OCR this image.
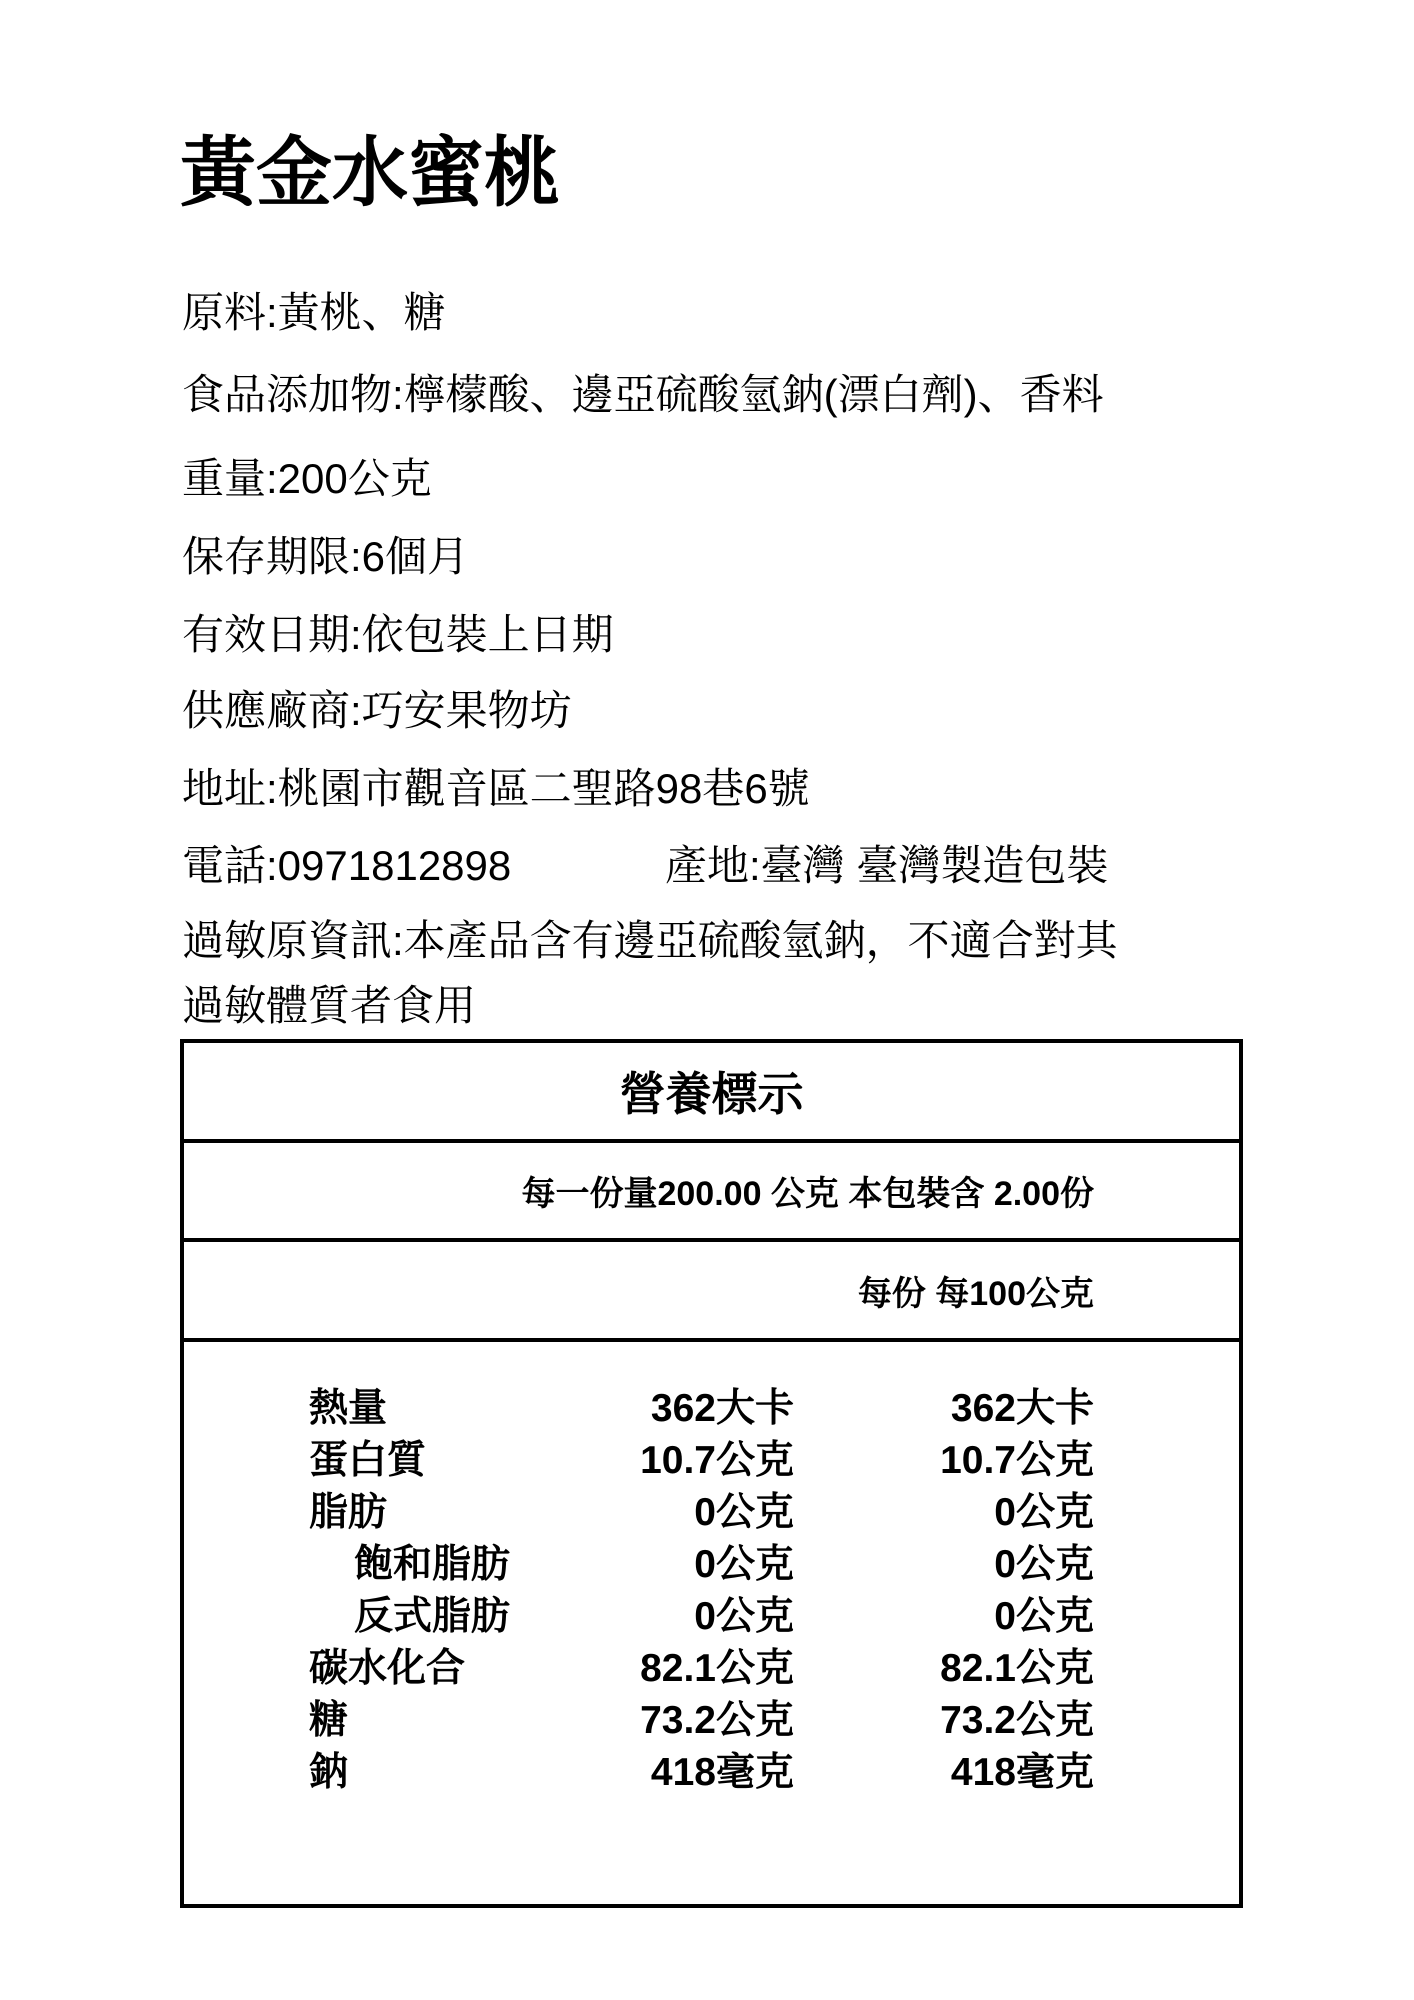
黃金水蜜桃
原料:黃桃、糖
食品添加物:檸檬酸、邊亞硫酸氫鈉(漂白劑)、香料
重量:200公克
保存期限:6個月
有效日期:依包裝上日期
供應廠商:巧安果物坊
地址:桃園市觀音區二聖路98巷6號
電話:0971812898	產地:臺灣 臺灣製造包裝
過敏原資訊:本產品含有邊亞硫酸氫鈉，不適合對其
過敏體質者食用
營養標示
每一份量200.00 公克 本包裝含 2.00份
每份 每100公克
熱量	362大卡	362大卡
蛋白質	10.7公克	10.7公克
脂肪	0公克	0公克
飽和脂肪	0公克	0公克
反式脂肪	0公克	0公克
碳水化合	82.1公克	82.1公克
糖	73.2公克	73.2公克
鈉	418毫克	418毫克
